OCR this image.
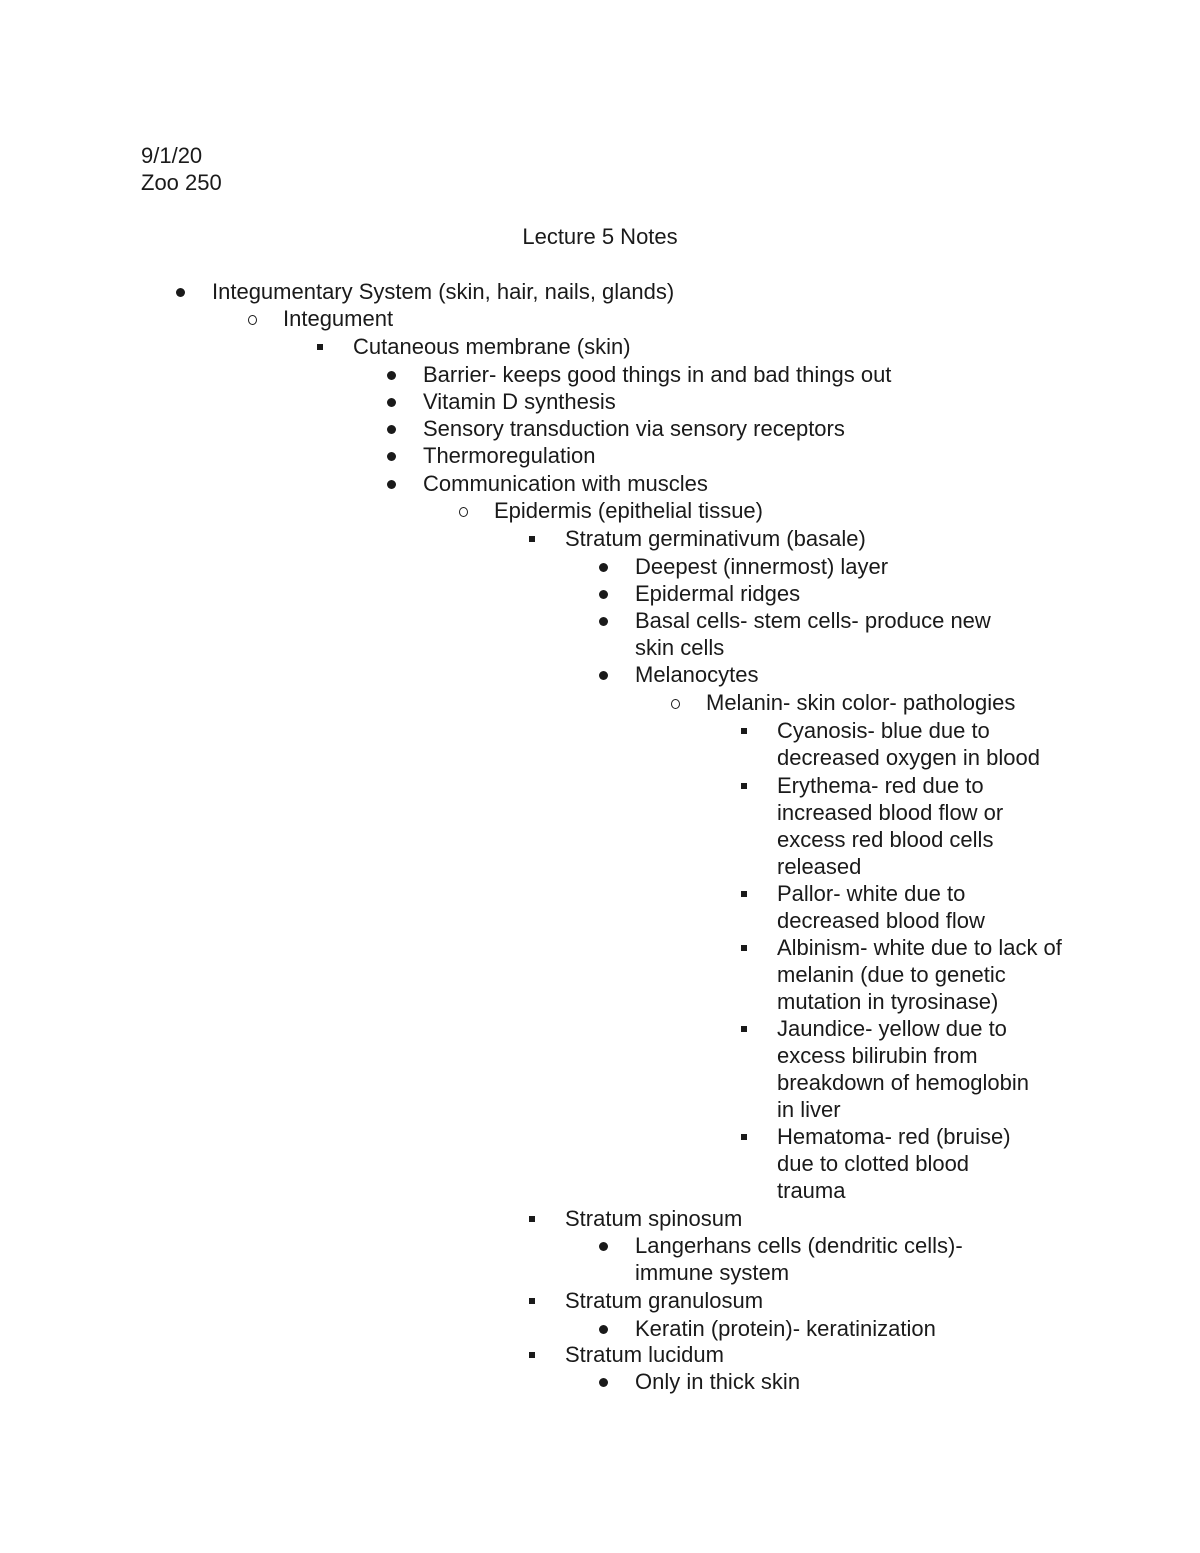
9/1/20
Zoo 250
Lecture 5 Notes
Integumentary System (skin, hair, nails, glands)
Integument
Cutaneous membrane (skin)
Barrier- keeps good things in and bad things out
Vitamin D synthesis
Sensory transduction via sensory receptors
Thermoregulation
Communication with muscles
Epidermis (epithelial tissue)
Stratum germinativum (basale)
Deepest (innermost) layer
Epidermal ridges
Basal cells- stem cells- produce new skin cells
Melanocytes
Melanin- skin color- pathologies
Cyanosis- blue due to decreased oxygen in blood
Erythema- red due to increased blood flow or excess red blood cells released
Pallor- white due to decreased blood flow
Albinism- white due to lack of melanin (due to genetic mutation in tyrosinase)
Jaundice- yellow due to excess bilirubin from breakdown of hemoglobin in liver
Hematoma- red (bruise) due to clotted blood trauma
Stratum spinosum
Langerhans cells (dendritic cells)- immune system
Stratum granulosum
Keratin (protein)- keratinization
Stratum lucidum
Only in thick skin
